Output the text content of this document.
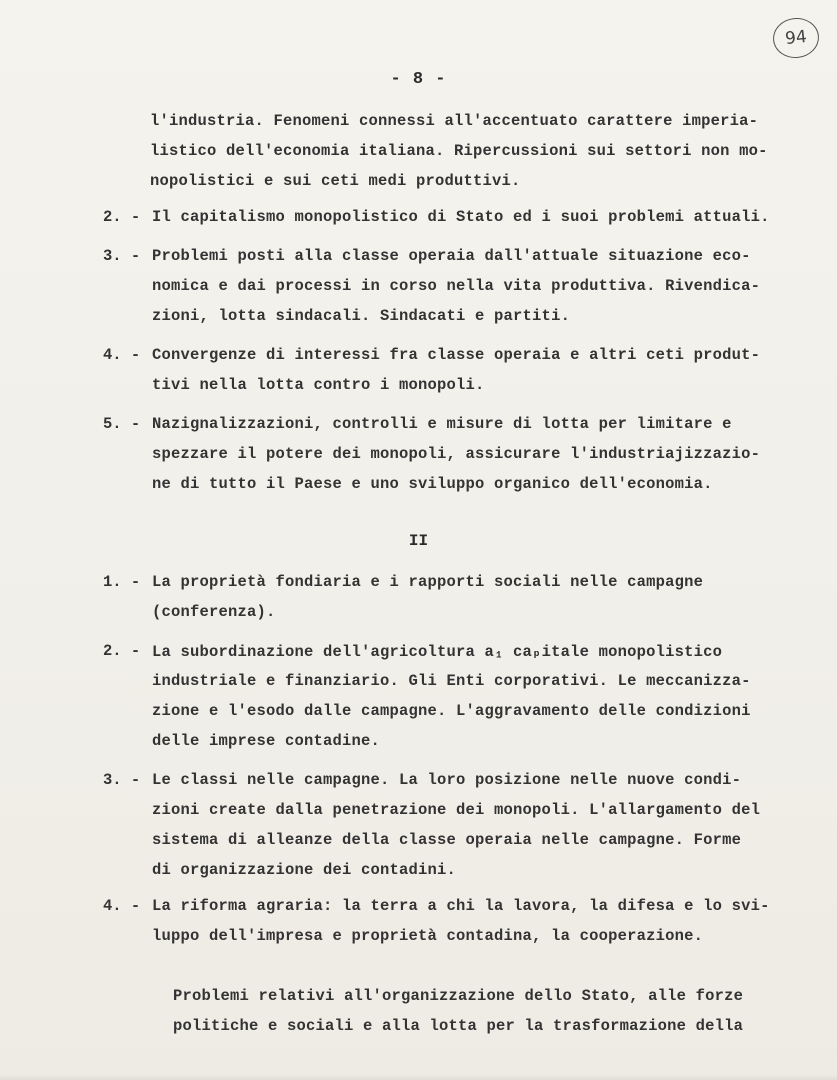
94
- 8 -
l'industria. Fenomeni connessi all'accentuato carattere imperia-
listico dell'economia italiana. Ripercussioni sui settori non mo-
nopolistici e sui ceti medi produttivi.
2. - Il capitalismo monopolistico di Stato ed i suoi problemi attuali.
3. - Problemi posti alla classe operaia dall'attuale situazione eco-
nomica e dai processi in corso nella vita produttiva. Rivendica-
zioni, lotta sindacali. Sindacati e partiti.
4. - Convergenze di interessi fra classe operaia e altri ceti produt-
tivi nella lotta contro i monopoli.
5. - Nazignalizzazioni, controlli e misure di lotta per limitare e
spezzare il potere dei monopoli, assicurare l'industriajizzazio-
ne di tutto il Paese e uno sviluppo organico dell'economia.
II
1. - La proprietà fondiaria e i rapporti sociali nelle campagne
(conferenza).
2. - La subordinazione dell'agricoltura a₁ caₚitale monopolistico
industriale e finanziario. Gli Enti corporativi. Le meccanizza-
zione e l'esodo dalle campagne. L'aggravamento delle condizioni
delle imprese contadine.
3. - Le classi nelle campagne. La loro posizione nelle nuove condi-
zioni create dalla penetrazione dei monopoli. L'allargamento del
sistema di alleanze della classe operaia nelle campagne. Forme
di organizzazione dei contadini.
4. - La riforma agraria: la terra a chi la lavora, la difesa e lo svi-
luppo dell'impresa e proprietà contadina, la cooperazione.
Problemi relativi all'organizzazione dello Stato, alle forze
politiche e sociali e alla lotta per la trasformazione della
